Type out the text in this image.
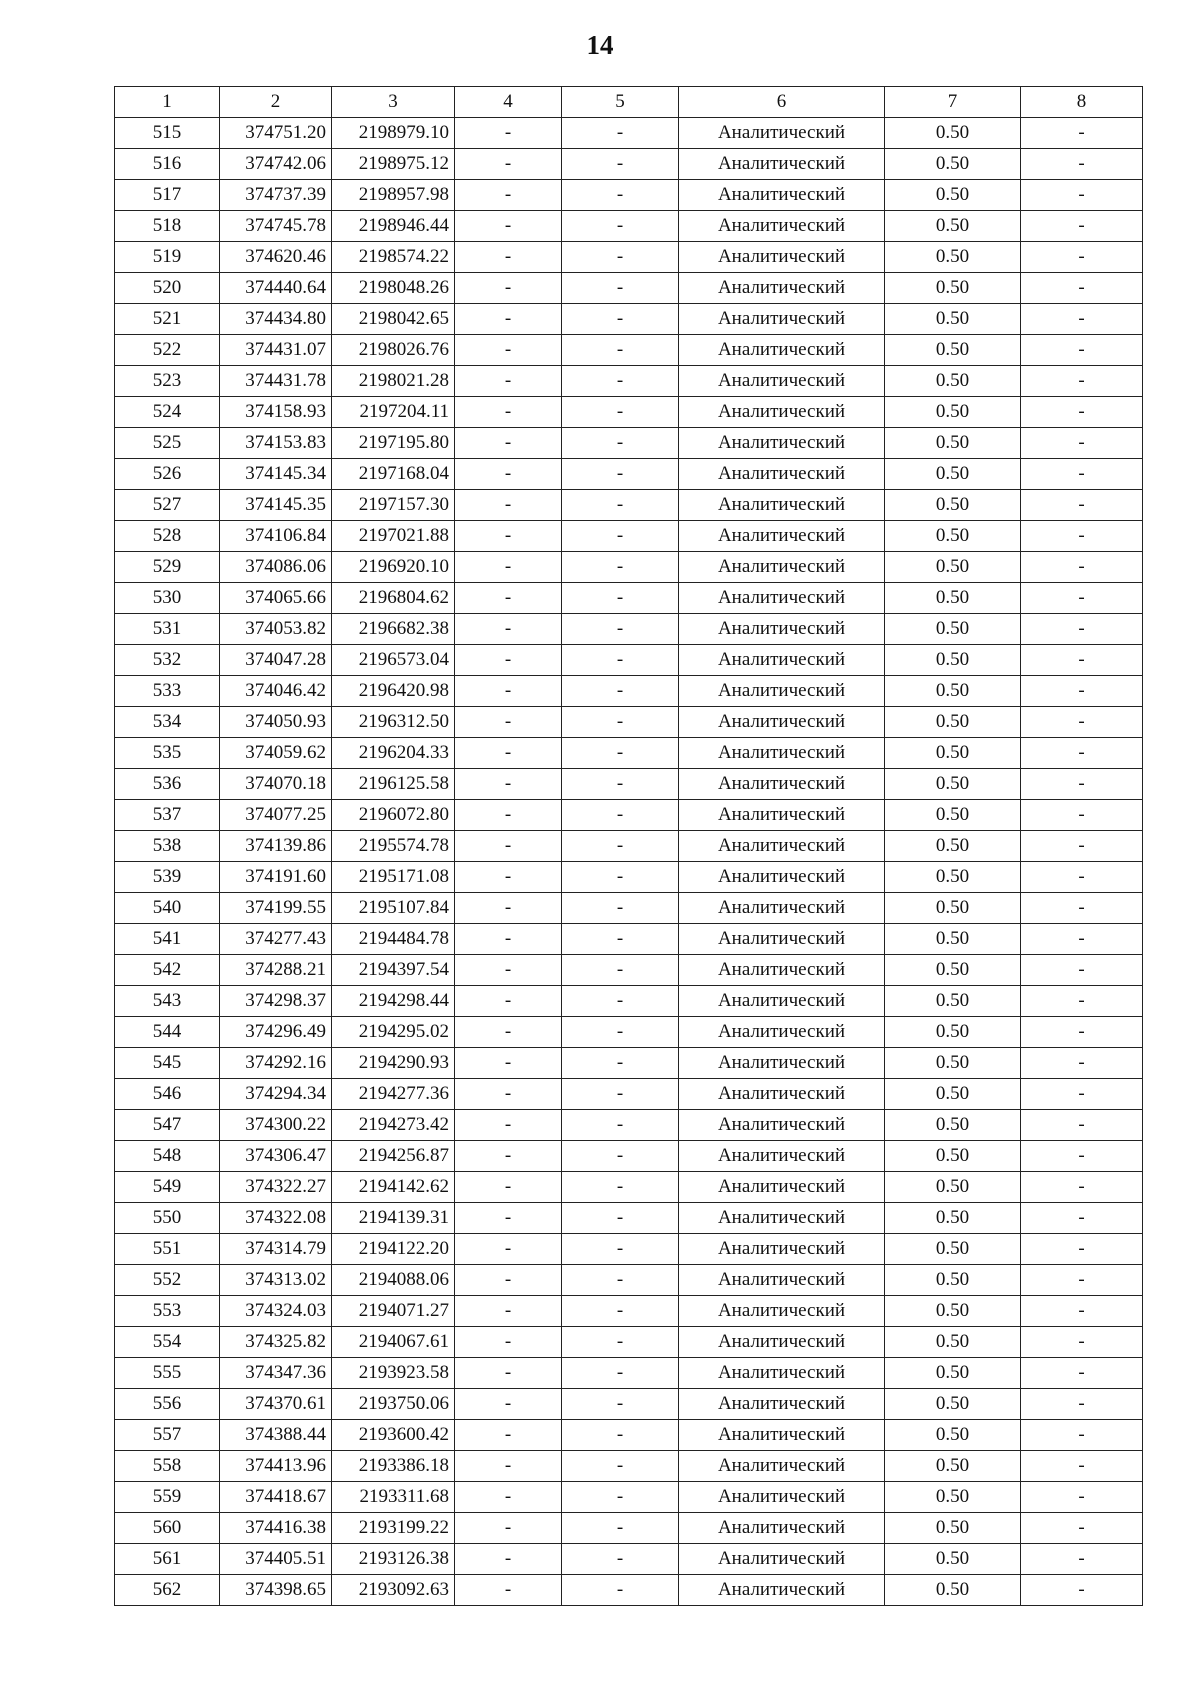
14
1	2	3	4	5	6	7	8
515	374751.20	2198979.10	-	-	Аналитический	0.50	-
516	374742.06	2198975.12	-	-	Аналитический	0.50	-
517	374737.39	2198957.98	-	-	Аналитический	0.50	-
518	374745.78	2198946.44	-	-	Аналитический	0.50	-
519	374620.46	2198574.22	-	-	Аналитический	0.50	-
520	374440.64	2198048.26	-	-	Аналитический	0.50	-
521	374434.80	2198042.65	-	-	Аналитический	0.50	-
522	374431.07	2198026.76	-	-	Аналитический	0.50	-
523	374431.78	2198021.28	-	-	Аналитический	0.50	-
524	374158.93	2197204.11	-	-	Аналитический	0.50	-
525	374153.83	2197195.80	-	-	Аналитический	0.50	-
526	374145.34	2197168.04	-	-	Аналитический	0.50	-
527	374145.35	2197157.30	-	-	Аналитический	0.50	-
528	374106.84	2197021.88	-	-	Аналитический	0.50	-
529	374086.06	2196920.10	-	-	Аналитический	0.50	-
530	374065.66	2196804.62	-	-	Аналитический	0.50	-
531	374053.82	2196682.38	-	-	Аналитический	0.50	-
532	374047.28	2196573.04	-	-	Аналитический	0.50	-
533	374046.42	2196420.98	-	-	Аналитический	0.50	-
534	374050.93	2196312.50	-	-	Аналитический	0.50	-
535	374059.62	2196204.33	-	-	Аналитический	0.50	-
536	374070.18	2196125.58	-	-	Аналитический	0.50	-
537	374077.25	2196072.80	-	-	Аналитический	0.50	-
538	374139.86	2195574.78	-	-	Аналитический	0.50	-
539	374191.60	2195171.08	-	-	Аналитический	0.50	-
540	374199.55	2195107.84	-	-	Аналитический	0.50	-
541	374277.43	2194484.78	-	-	Аналитический	0.50	-
542	374288.21	2194397.54	-	-	Аналитический	0.50	-
543	374298.37	2194298.44	-	-	Аналитический	0.50	-
544	374296.49	2194295.02	-	-	Аналитический	0.50	-
545	374292.16	2194290.93	-	-	Аналитический	0.50	-
546	374294.34	2194277.36	-	-	Аналитический	0.50	-
547	374300.22	2194273.42	-	-	Аналитический	0.50	-
548	374306.47	2194256.87	-	-	Аналитический	0.50	-
549	374322.27	2194142.62	-	-	Аналитический	0.50	-
550	374322.08	2194139.31	-	-	Аналитический	0.50	-
551	374314.79	2194122.20	-	-	Аналитический	0.50	-
552	374313.02	2194088.06	-	-	Аналитический	0.50	-
553	374324.03	2194071.27	-	-	Аналитический	0.50	-
554	374325.82	2194067.61	-	-	Аналитический	0.50	-
555	374347.36	2193923.58	-	-	Аналитический	0.50	-
556	374370.61	2193750.06	-	-	Аналитический	0.50	-
557	374388.44	2193600.42	-	-	Аналитический	0.50	-
558	374413.96	2193386.18	-	-	Аналитический	0.50	-
559	374418.67	2193311.68	-	-	Аналитический	0.50	-
560	374416.38	2193199.22	-	-	Аналитический	0.50	-
561	374405.51	2193126.38	-	-	Аналитический	0.50	-
562	374398.65	2193092.63	-	-	Аналитический	0.50	-
